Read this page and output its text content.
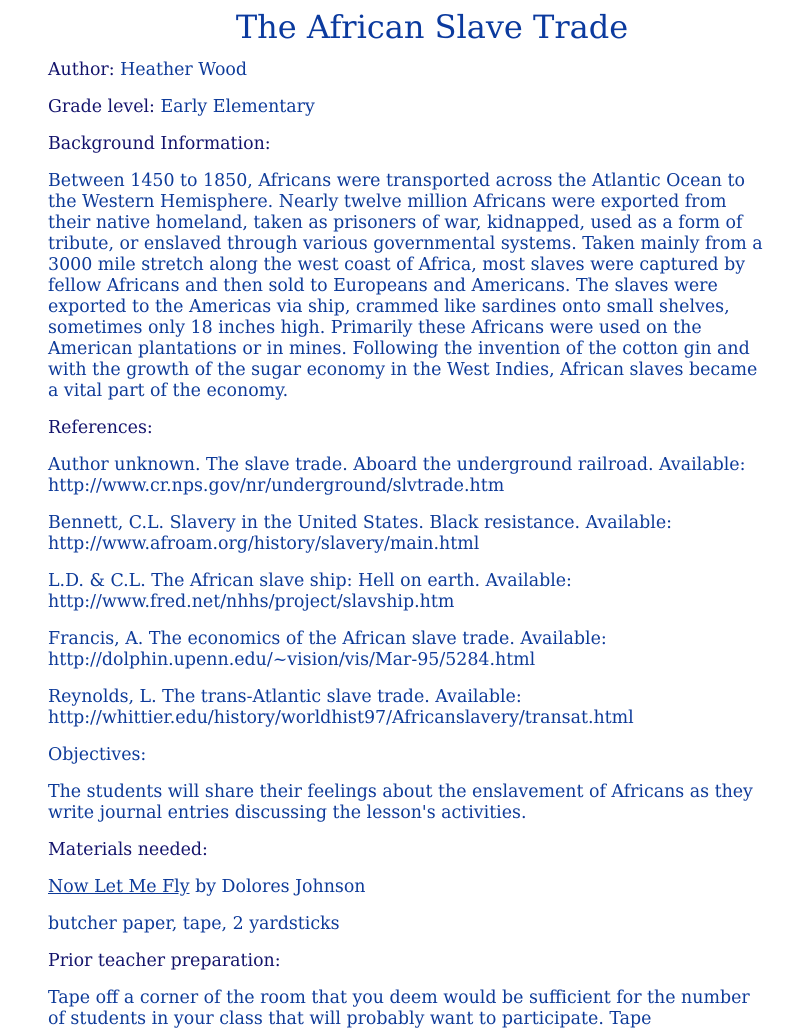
The African Slave Trade

Author: Heather Wood

Grade level: Early Elementary

Background Information:

Between 1450 to 1850, Africans were transported across the Atlantic Ocean to the Western Hemisphere. Nearly twelve million Africans were exported from their native homeland, taken as prisoners of war, kidnapped, used as a form of tribute, or enslaved through various governmental systems. Taken mainly from a 3000 mile stretch along the west coast of Africa, most slaves were captured by fellow Africans and then sold to Europeans and Americans. The slaves were exported to the Americas via ship, crammed like sardines onto small shelves, sometimes only 18 inches high. Primarily these Africans were used on the American plantations or in mines. Following the invention of the cotton gin and with the growth of the sugar economy in the West Indies, African slaves became a vital part of the economy.

References:

Author unknown. The slave trade. Aboard the underground railroad. Available:
http://www.cr.nps.gov/nr/underground/slvtrade.htm

Bennett, C.L. Slavery in the United States. Black resistance. Available:
http://www.afroam.org/history/slavery/main.html

L.D. & C.L. The African slave ship: Hell on earth. Available:
http://www.fred.net/nhhs/project/slavship.htm

Francis, A. The economics of the African slave trade. Available:
http://dolphin.upenn.edu/~vision/vis/Mar-95/5284.html

Reynolds, L. The trans-Atlantic slave trade. Available:
http://whittier.edu/history/worldhist97/Africanslavery/transat.html

Objectives:

The students will share their feelings about the enslavement of Africans as they write journal entries discussing the lesson's activities.

Materials needed:

Now Let Me Fly by Dolores Johnson

butcher paper, tape, 2 yardsticks

Prior teacher preparation:

Tape off a corner of the room that you deem would be sufficient for the number of students in your class that will probably want to participate. Tape
